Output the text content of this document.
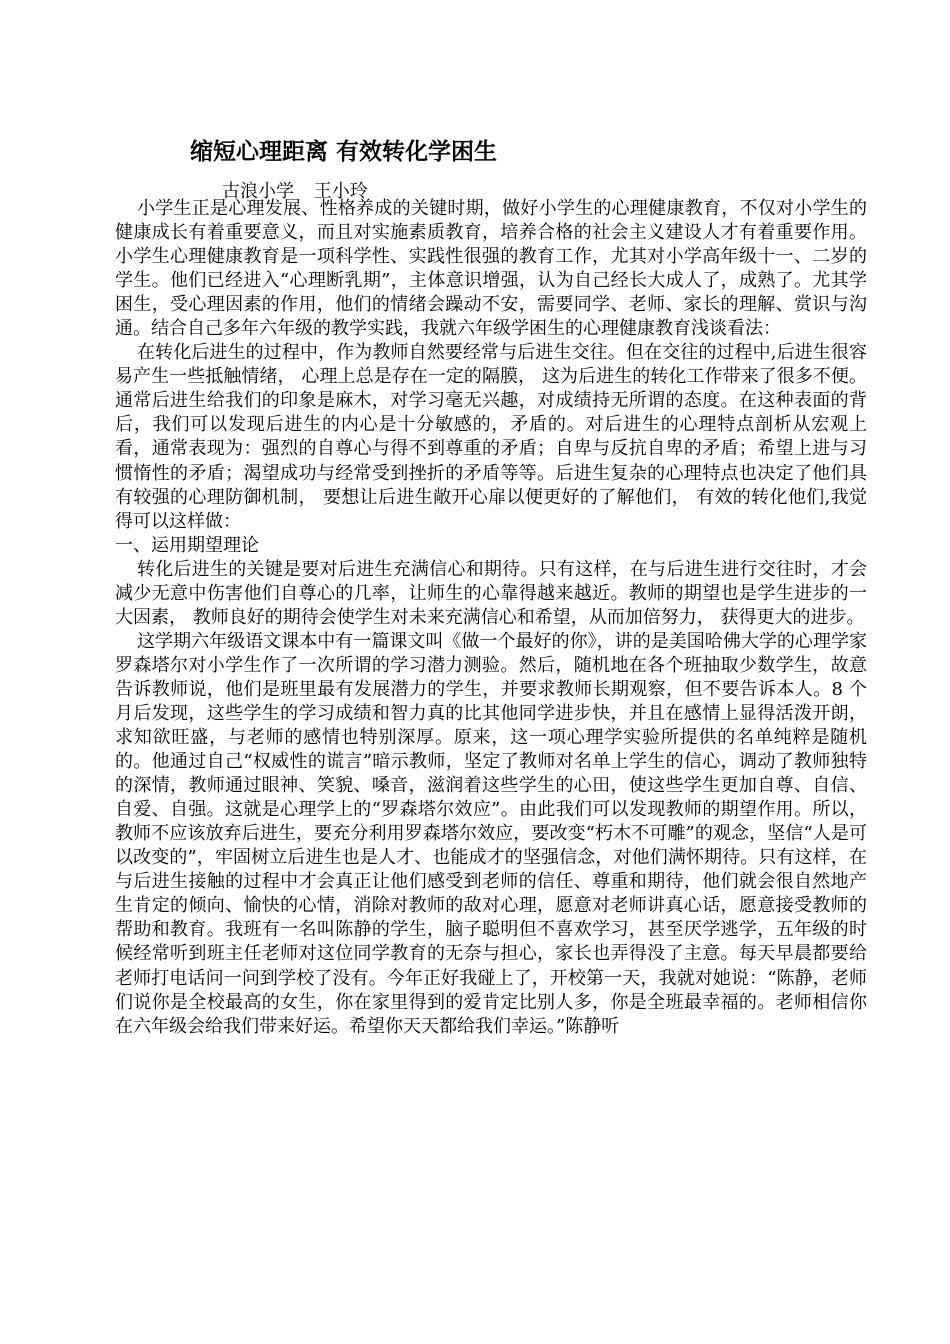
缩短心理距离 有效转化学困生
古浪小学 王小玲

小学生正是心理发展、性格养成的关键时期，做好小学生的心理健康教育，不仅对小学生的健康成长有着重要意义，而且对实施素质教育，培养合格的社会主义建设人才有着重要作用。小学生心理健康教育是一项科学性、实践性很强的教育工作，尤其对小学高年级十一、二岁的学生。他们已经进入“心理断乳期”，主体意识增强，认为自己经长大成人了，成熟了。尤其学困生，受心理因素的作用，他们的情绪会躁动不安，需要同学、老师、家长的理解、赏识与沟通。结合自己多年六年级的教学实践，我就六年级学困生的心理健康教育浅谈看法：

在转化后进生的过程中，作为教师自然要经常与后进生交往。但在交往的过程中,后进生很容易产生一些抵触情绪， 心理上总是存在一定的隔膜， 这为后进生的转化工作带来了很多不便。通常后进生给我们的印象是麻木，对学习毫无兴趣，对成绩持无所谓的态度。在这种表面的背后，我们可以发现后进生的内心是十分敏感的，矛盾的。对后进生的心理特点剖析从宏观上看，通常表现为：强烈的自尊心与得不到尊重的矛盾；自卑与反抗自卑的矛盾；希望上进与习惯惰性的矛盾；渴望成功与经常受到挫折的矛盾等等。后进生复杂的心理特点也决定了他们具有较强的心理防御机制， 要想让后进生敞开心扉以便更好的了解他们， 有效的转化他们,我觉得可以这样做：

一、运用期望理论

转化后进生的关键是要对后进生充满信心和期待。只有这样，在与后进生进行交往时，才会减少无意中伤害他们自尊心的几率，让师生的心靠得越来越近。教师的期望也是学生进步的一大因素， 教师良好的期待会使学生对未来充满信心和希望，从而加倍努力， 获得更大的进步。

这学期六年级语文课本中有一篇课文叫《做一个最好的你》，讲的是美国哈佛大学的心理学家罗森塔尔对小学生作了一次所谓的学习潜力测验。然后，随机地在各个班抽取少数学生，故意告诉教师说，他们是班里最有发展潜力的学生，并要求教师长期观察，但不要告诉本人。8 个月后发现，这些学生的学习成绩和智力真的比其他同学进步快，并且在感情上显得活泼开朗，求知欲旺盛，与老师的感情也特别深厚。原来，这一项心理学实验所提供的名单纯粹是随机的。他通过自己“权威性的谎言”暗示教师，坚定了教师对名单上学生的信心，调动了教师独特的深情，教师通过眼神、笑貌、嗓音，滋润着这些学生的心田，使这些学生更加自尊、自信、自爱、自强。这就是心理学上的“罗森塔尔效应”。由此我们可以发现教师的期望作用。所以，教师不应该放弃后进生，要充分利用罗森塔尔效应，要改变“朽木不可雕”的观念，坚信“人是可以改变的”，牢固树立后进生也是人才、也能成才的坚强信念，对他们满怀期待。只有这样，在与后进生接触的过程中才会真正让他们感受到老师的信任、尊重和期待，他们就会很自然地产生肯定的倾向、愉快的心情，消除对教师的敌对心理，愿意对老师讲真心话，愿意接受教师的帮助和教育。我班有一名叫陈静的学生，脑子聪明但不喜欢学习，甚至厌学逃学，五年级的时候经常听到班主任老师对这位同学教育的无奈与担心，家长也弄得没了主意。每天早晨都要给老师打电话问一问到学校了没有。今年正好我碰上了，开校第一天，我就对她说：“陈静，老师们说你是全校最高的女生，你在家里得到的爱肯定比别人多，你是全班最幸福的。老师相信你在六年级会给我们带来好运。希望你天天都给我们幸运。”陈静听
